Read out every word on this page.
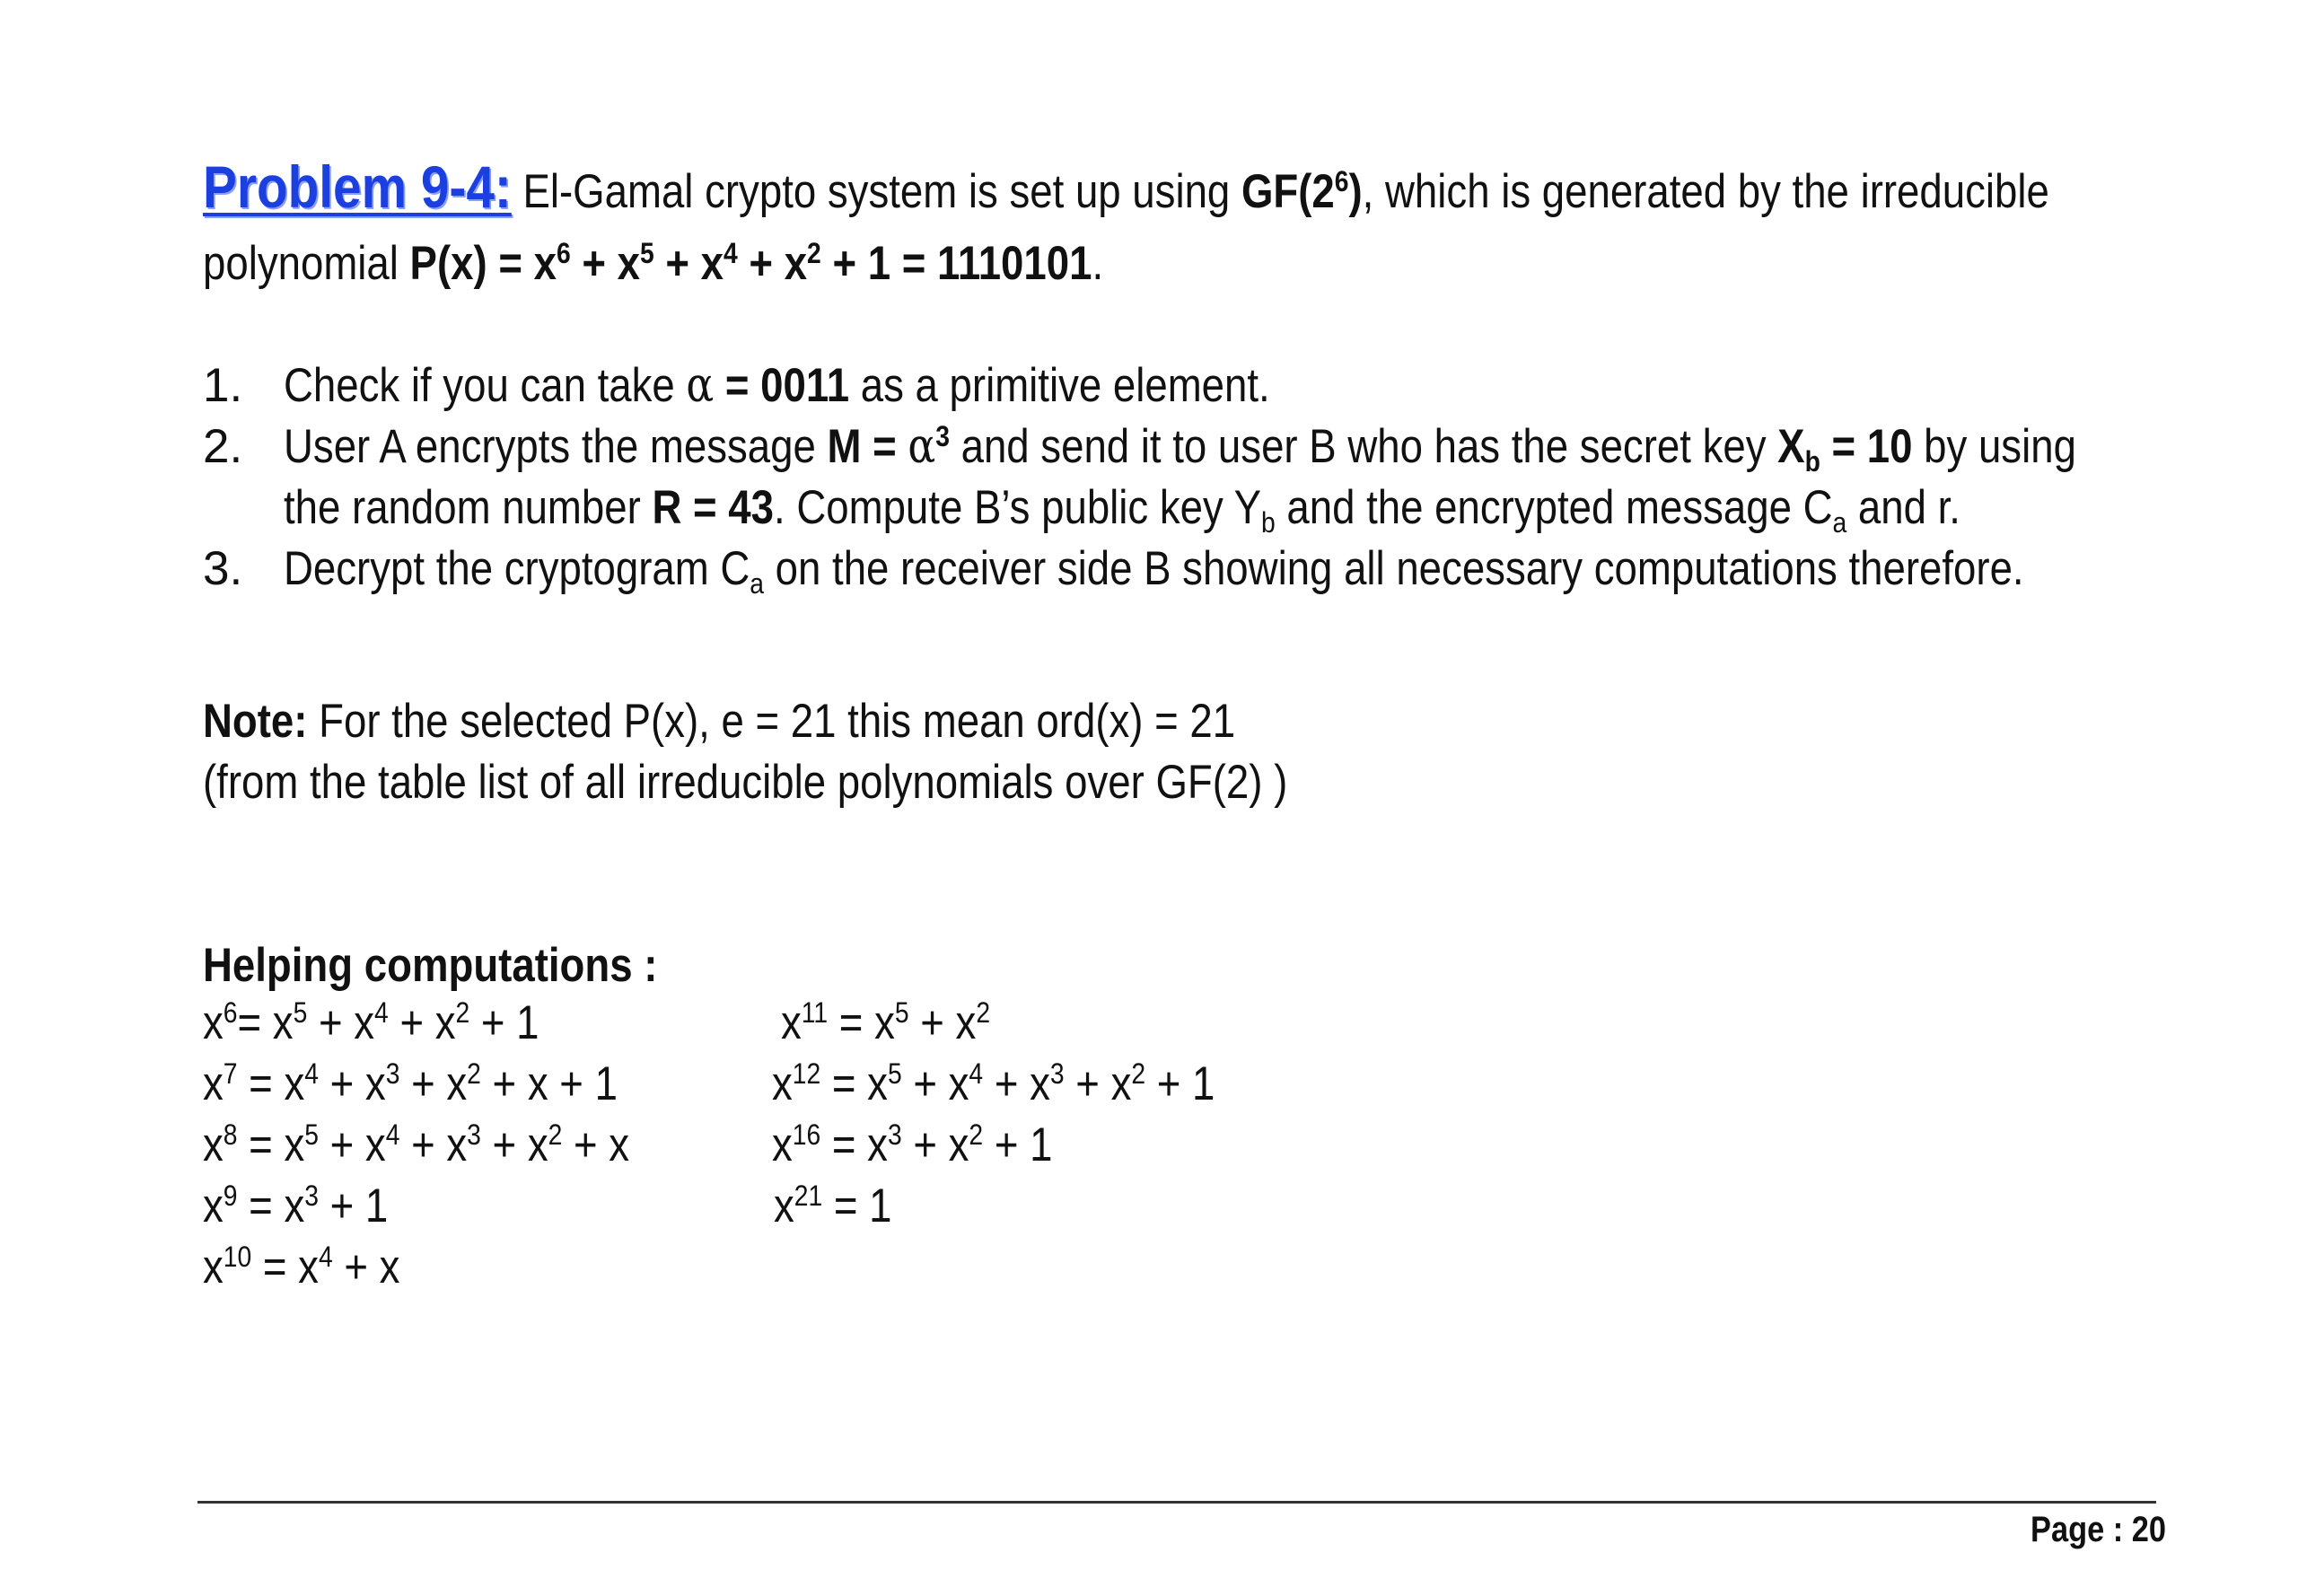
Problem 9-4: El-Gamal crypto system is set up using $GF(2^6)$, which is generated by the irreducible
polynomial $P(x) = x^6 + x^5 + x^4 + x^2 + 1 = 1110101$.
1. Check if you can take α = 0011 as a primitive element.
2. User A encrypts the message $M = \alpha^3$ and send it to user B who has the secret key $X_b = 10$ by using
the random number R = 43. Compute B’s public key $Y_b$ and the encrypted message $C_a$ and r.
3. Decrypt the cryptogram $C_a$ on the receiver side B showing all necessary computations therefore.
Note: For the selected P(x), e = 21 this mean ord(x) = 21
(from the table list of all irreducible polynomials over GF(2) )
Helping computations :
$x^6= x^5 + x^4 + x^2 + 1$
$x^7 = x^4 + x^3 + x^2 + x + 1$
$x^8 = x^5 + x^4 + x^3 + x^2 + x$
$x^9 = x^3 + 1$
$x^{10} = x^4 + x$
$x^{11} = x^5 + x^2$
$x^{12} = x^5 + x^4 + x^3 + x^2 + 1$
$x^{16} = x^3 + x^2 + 1$
$x^{21} = 1$
Page : 20
